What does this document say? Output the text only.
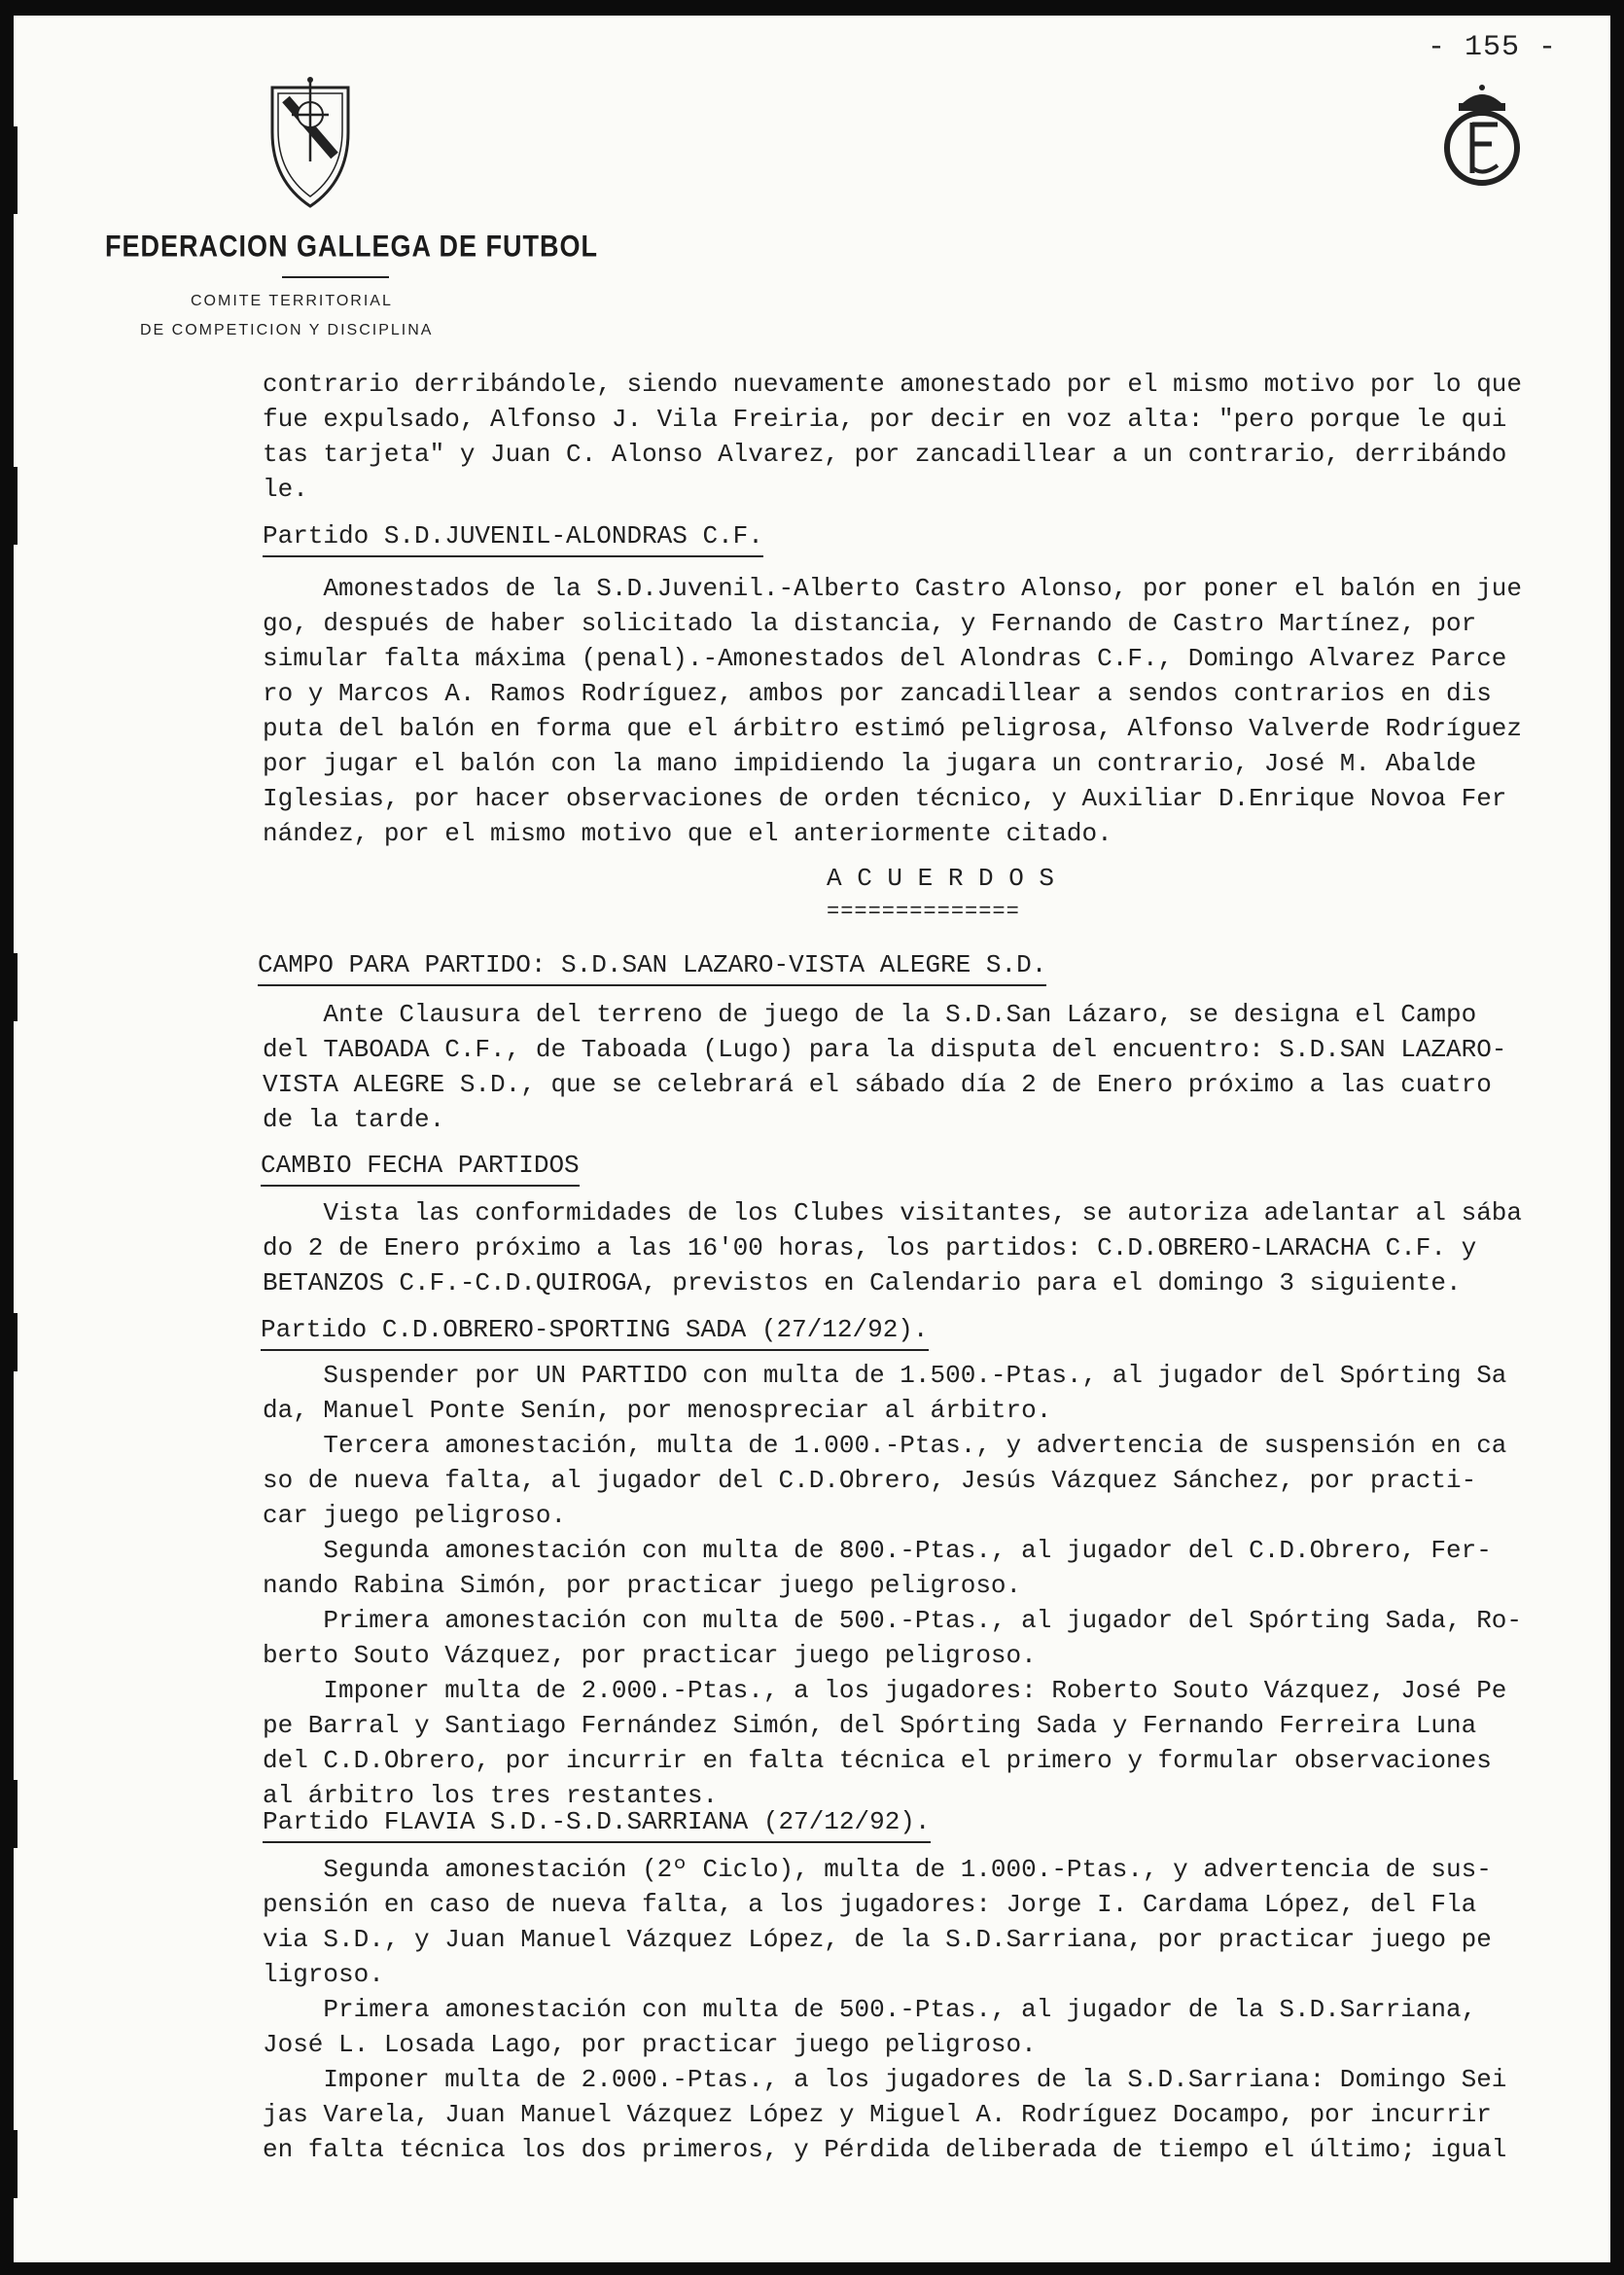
- 155 -
FEDERACION GALLEGA DE FUTBOL
COMITE TERRITORIAL
DE COMPETICION Y DISCIPLINA
contrario derribándole, siendo nuevamente amonestado por el mismo motivo por lo que
fue expulsado, Alfonso J. Vila Freiria, por decir en voz alta: "pero porque le qui
tas tarjeta" y Juan C. Alonso Alvarez, por zancadillear a un contrario, derribándo
le.
Partido S.D.JUVENIL-ALONDRAS C.F.
Amonestados de la S.D.Juvenil.-Alberto Castro Alonso, por poner el balón en jue
go, después de haber solicitado la distancia, y Fernando de Castro Martínez, por
simular falta máxima (penal).-Amonestados del Alondras C.F., Domingo Alvarez Parce
ro y Marcos A. Ramos Rodríguez, ambos por zancadillear a sendos contrarios en dis
puta del balón en forma que el árbitro estimó peligrosa, Alfonso Valverde Rodríguez
por jugar el balón con la mano impidiendo la jugara un contrario, José M. Abalde
Iglesias, por hacer observaciones de orden técnico, y Auxiliar D.Enrique Novoa Fer
nández, por el mismo motivo que el anteriormente citado.
A C U E R D O S
==============
CAMPO PARA PARTIDO: S.D.SAN LAZARO-VISTA ALEGRE S.D.
Ante Clausura del terreno de juego de la S.D.San Lázaro, se designa el Campo
del TABOADA C.F., de Taboada (Lugo) para la disputa del encuentro: S.D.SAN LAZARO-
VISTA ALEGRE S.D., que se celebrará el sábado día 2 de Enero próximo a las cuatro
de la tarde.
CAMBIO FECHA PARTIDOS
Vista las conformidades de los Clubes visitantes, se autoriza adelantar al sába
do 2 de Enero próximo a las 16'00 horas, los partidos: C.D.OBRERO-LARACHA C.F. y
BETANZOS C.F.-C.D.QUIROGA, previstos en Calendario para el domingo 3 siguiente.
Partido C.D.OBRERO-SPORTING SADA (27/12/92).
Suspender por UN PARTIDO con multa de 1.500.-Ptas., al jugador del Spórting Sa
da, Manuel Ponte Senín, por menospreciar al árbitro.
Tercera amonestación, multa de 1.000.-Ptas., y advertencia de suspensión en ca
so de nueva falta, al jugador del C.D.Obrero, Jesús Vázquez Sánchez, por practi-
car juego peligroso.
Segunda amonestación con multa de 800.-Ptas., al jugador del C.D.Obrero, Fer-
nando Rabina Simón, por practicar juego peligroso.
Primera amonestación con multa de 500.-Ptas., al jugador del Spórting Sada, Ro-
berto Souto Vázquez, por practicar juego peligroso.
Imponer multa de 2.000.-Ptas., a los jugadores: Roberto Souto Vázquez, José Pe
pe Barral y Santiago Fernández Simón, del Spórting Sada y Fernando Ferreira Luna
del C.D.Obrero, por incurrir en falta técnica el primero y formular observaciones
al árbitro los tres restantes.
Partido FLAVIA S.D.-S.D.SARRIANA (27/12/92).
Segunda amonestación (2º Ciclo), multa de 1.000.-Ptas., y advertencia de sus-
pensión en caso de nueva falta, a los jugadores: Jorge I. Cardama López, del Fla
via S.D., y Juan Manuel Vázquez López, de la S.D.Sarriana, por practicar juego pe
ligroso.
Primera amonestación con multa de 500.-Ptas., al jugador de la S.D.Sarriana,
José L. Losada Lago, por practicar juego peligroso.
Imponer multa de 2.000.-Ptas., a los jugadores de la S.D.Sarriana: Domingo Sei
jas Varela, Juan Manuel Vázquez López y Miguel A. Rodríguez Docampo, por incurrir
en falta técnica los dos primeros, y Pérdida deliberada de tiempo el último; igual
